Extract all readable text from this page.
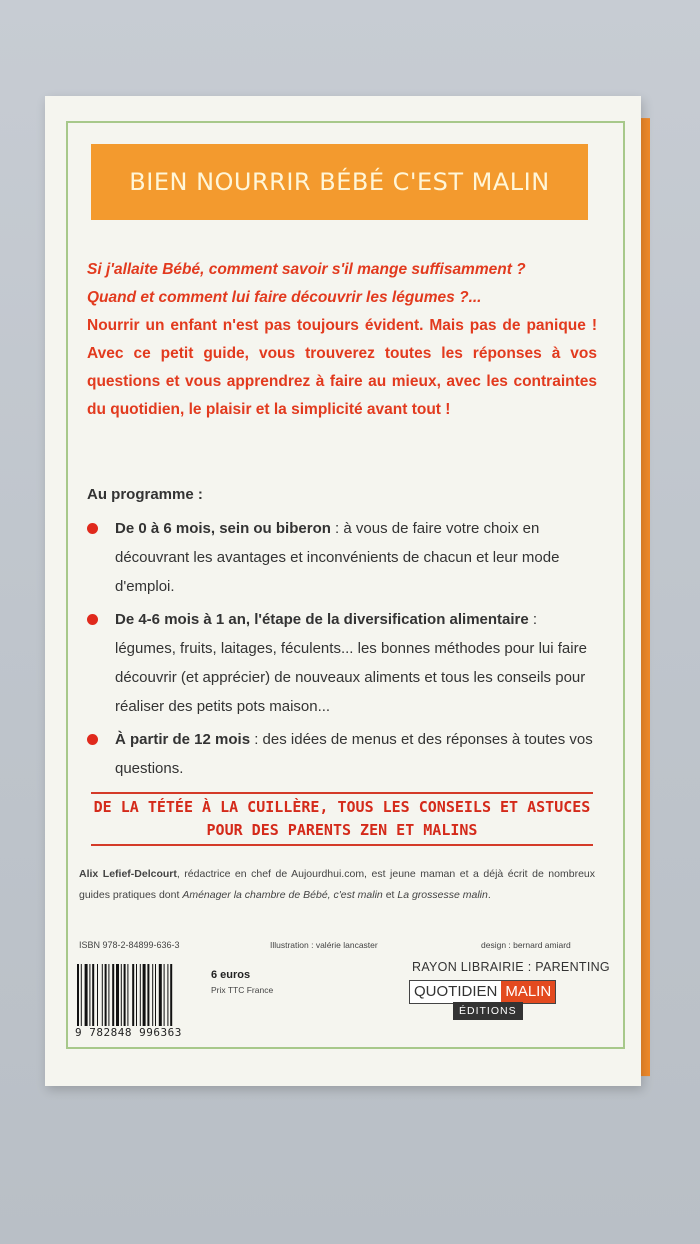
BIEN NOURRIR BÉBÉ C'EST MALIN
Si j'allaite Bébé, comment savoir s'il mange suffisamment ?
Quand et comment lui faire découvrir les légumes ?...
Nourrir un enfant n'est pas toujours évident. Mais pas de panique ! Avec ce petit guide, vous trouverez toutes les réponses à vos questions et vous apprendrez à faire au mieux, avec les contraintes du quotidien, le plaisir et la simplicité avant tout !
Au programme :
De 0 à 6 mois, sein ou biberon : à vous de faire votre choix en découvrant les avantages et inconvénients de chacun et leur mode d'emploi.
De 4-6 mois à 1 an, l'étape de la diversification alimentaire : légumes, fruits, laitages, féculents... les bonnes méthodes pour lui faire découvrir (et apprécier) de nouveaux aliments et tous les conseils pour réaliser des petits pots maison...
À partir de 12 mois : des idées de menus et des réponses à toutes vos questions.
DE LA TÉTÉE À LA CUILLÈRE, TOUS LES CONSEILS ET ASTUCES
POUR DES PARENTS ZEN ET MALINS
Alix Lefief-Delcourt, rédactrice en chef de Aujourdhui.com, est jeune maman et a déjà écrit de nombreux guides pratiques dont Aménager la chambre de Bébé, c'est malin et La grossesse malin.
ISBN 978-2-84899-636-3	Illustration : valérie lancaster	design : bernard amiard
9 782848 996363
6 euros
Prix TTC France
RAYON LIBRAIRIE : PARENTING
QUOTIDIEN MALIN
ÉDITIONS
